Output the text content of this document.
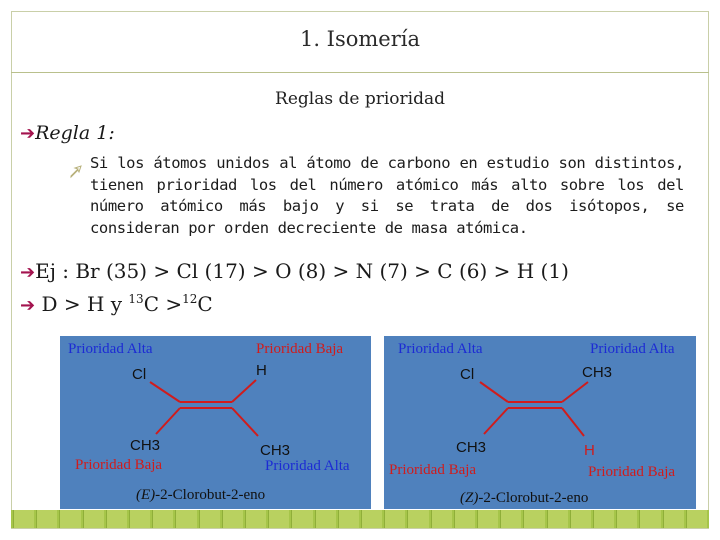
1. Isomería
Reglas de prioridad
➔Regla 1:
Si los átomos unidos al átomo de carbono en estudio son distintos, tienen prioridad los del número atómico más alto sobre los del número atómico más bajo y si se trata de dos isótopos, se consideran por orden decreciente de masa atómica.
➔Ej : Br (35) > Cl (17) > O (8) > N (7) > C (6) > H (1)
➔ D > H y $^{13}$C >$^{12}$C
Prioridad Alta	Prioridad Baja
Cl	H
CH3	CH3
Prioridad Baja	Prioridad Alta
(E)-2-Clorobut-2-eno
Prioridad Alta	Prioridad Alta
Cl	CH3
CH3	H
Prioridad Baja	Prioridad Baja
(Z)-2-Clorobut-2-eno
